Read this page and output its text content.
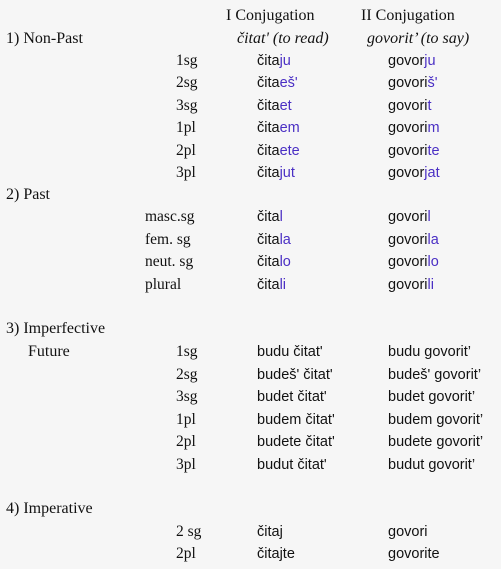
I Conjugation
čitat' (to read)
II Conjugation
govorit’ (to say)
1) Non-Past
2) Past
3) Imperfective
Future
4) Imperative
1sg
2sg
3sg
1pl
2pl
3pl
čitaju
čitaeš'
čitaet
čitaem
čitaete
čitajut
govorju
govoriš'
govorit
govorim
govorite
govorjat
masc.sg
fem. sg
neut. sg
plural
čital
čitala
čitalo
čitali
govoril
govorila
govorilo
govorili
1sg
2sg
3sg
1pl
2pl
3pl
budu čitat'
budeš' čitat'
budet čitat'
budem čitat'
budete čitat'
budut čitat'
budu govorit’
budeš' govorit’
budet govorit’
budem govorit’
budete govorit’
budut govorit’
2 sg
2pl
čitaj
čitajte
govori
govorite
